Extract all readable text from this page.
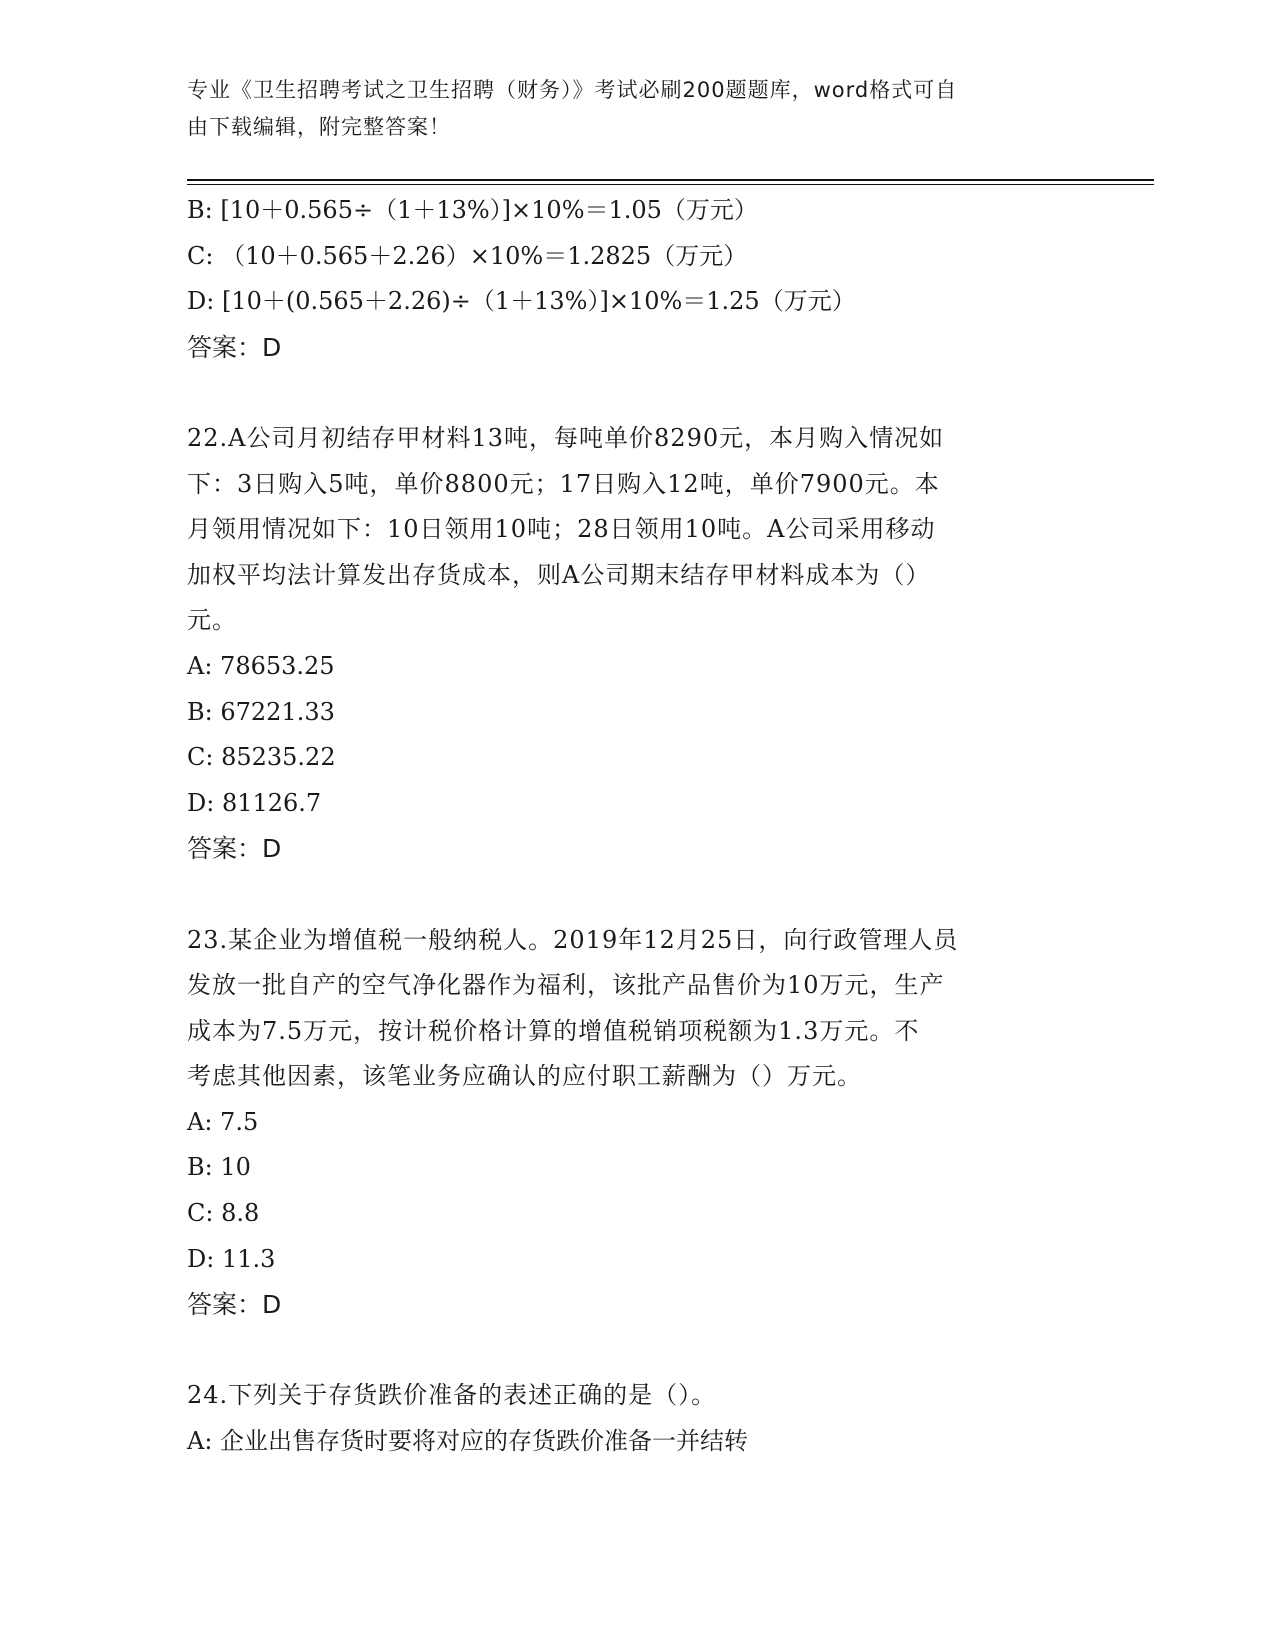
专业《卫生招聘考试之卫生招聘（财务）》考试必刷200题题库，word格式可自
由下载编辑，附完整答案！
B: [10＋0.565÷（1＋13%）]×10%＝1.05（万元）
C: （10＋0.565＋2.26）×10%＝1.2825（万元）
D: [10＋(0.565＋2.26)÷（1＋13%）]×10%＝1.25（万元）
答案：D
22.A公司月初结存甲材料13吨，每吨单价8290元，本月购入情况如
下：3日购入5吨，单价8800元；17日购入12吨，单价7900元。本
月领用情况如下：10日领用10吨；28日领用10吨。A公司采用移动
加权平均法计算发出存货成本，则A公司期末结存甲材料成本为（）
元。
A: 78653.25
B: 67221.33
C: 85235.22
D: 81126.7
答案：D
23.某企业为增值税一般纳税人。2019年12月25日，向行政管理人员
发放一批自产的空气净化器作为福利，该批产品售价为10万元，生产
成本为7.5万元，按计税价格计算的增值税销项税额为1.3万元。不
考虑其他因素，该笔业务应确认的应付职工薪酬为（）万元。
A: 7.5
B: 10
C: 8.8
D: 11.3
答案：D
24.下列关于存货跌价准备的表述正确的是（）。
A: 企业出售存货时要将对应的存货跌价准备一并结转
